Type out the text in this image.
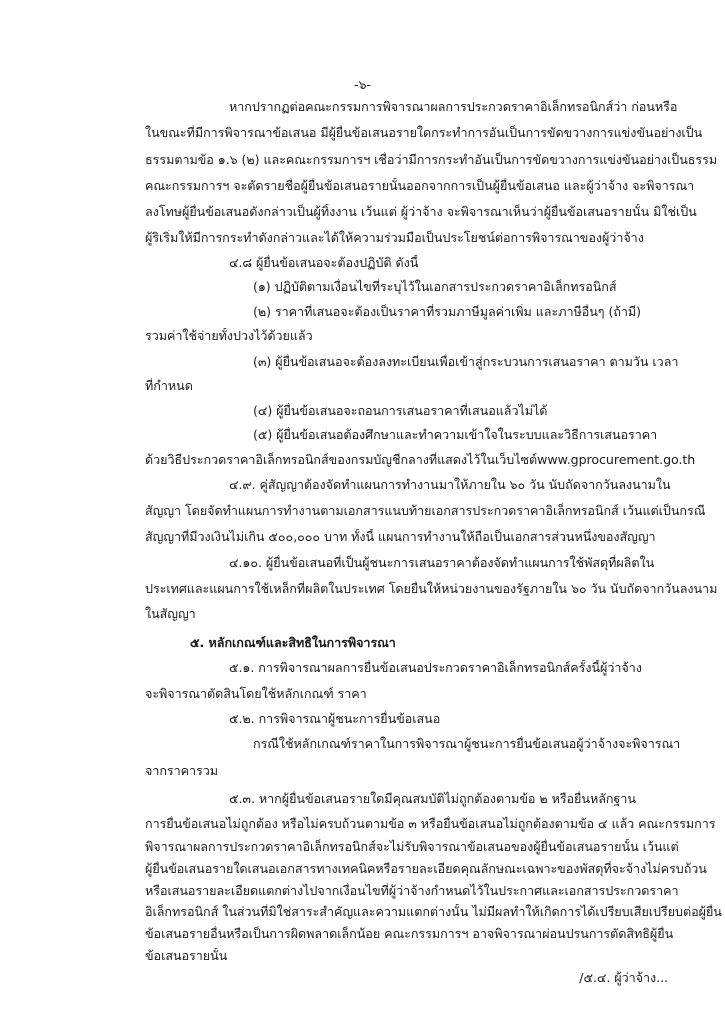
-๖-
หากปรากฏต่อคณะกรรมการพิจารณาผลการประกวดราคาอิเล็กทรอนิกส์ว่า ก่อนหรือ
ในขณะที่มีการพิจารณาข้อเสนอ มีผู้ยื่นข้อเสนอรายใดกระทำการอันเป็นการขัดขวางการแข่งขันอย่างเป็น
ธรรมตามข้อ ๑.๖ (๒) และคณะกรรมการฯ เชื่อว่ามีการกระทำอันเป็นการขัดขวางการแข่งขันอย่างเป็นธรรม
คณะกรรมการฯ จะตัดรายชื่อผู้ยื่นข้อเสนอรายนั้นออกจากการเป็นผู้ยื่นข้อเสนอ และผู้ว่าจ้าง จะพิจารณา
ลงโทษผู้ยื่นข้อเสนอดังกล่าวเป็นผู้ทิ้งงาน เว้นแต่ ผู้ว่าจ้าง จะพิจารณาเห็นว่าผู้ยื่นข้อเสนอรายนั้น มิใช่เป็น
ผู้ริเริ่มให้มีการกระทำดังกล่าวและได้ให้ความร่วมมือเป็นประโยชน์ต่อการพิจารณาของผู้ว่าจ้าง
๔.๘ ผู้ยื่นข้อเสนอจะต้องปฏิบัติ ดังนี้
(๑) ปฏิบัติตามเงื่อนไขที่ระบุไว้ในเอกสารประกวดราคาอิเล็กทรอนิกส์
(๒) ราคาที่เสนอจะต้องเป็นราคาที่รวมภาษีมูลค่าเพิ่ม และภาษีอื่นๆ (ถ้ามี)
รวมค่าใช้จ่ายทั้งปวงไว้ด้วยแล้ว
(๓) ผู้ยื่นข้อเสนอจะต้องลงทะเบียนเพื่อเข้าสู่กระบวนการเสนอราคา ตามวัน เวลา
ที่กำหนด
(๔) ผู้ยื่นข้อเสนอจะถอนการเสนอราคาที่เสนอแล้วไม่ได้
(๕) ผู้ยื่นข้อเสนอต้องศึกษาและทำความเข้าใจในระบบและวิธีการเสนอราคา
ด้วยวิธีประกวดราคาอิเล็กทรอนิกส์ของกรมบัญชีกลางที่แสดงไว้ในเว็บไซต์www.gprocurement.go.th
๔.๙. คู่สัญญาต้องจัดทำแผนการทำงานมาให้ภายใน ๖๐ วัน นับถัดจากวันลงนามใน
สัญญา โดยจัดทำแผนการทำงานตามเอกสารแนบท้ายเอกสารประกวดราคาอิเล็กทรอนิกส์ เว้นแต่เป็นกรณี
สัญญาที่มีวงเงินไม่เกิน ๕๐๐,๐๐๐ บาท ทั้งนี้ แผนการทำงานให้ถือเป็นเอกสารส่วนหนึ่งของสัญญา
๔.๑๐. ผู้ยื่นข้อเสนอที่เป็นผู้ชนะการเสนอราคาต้องจัดทำแผนการใช้พัสดุที่ผลิตใน
ประเทศและแผนการใช้เหล็กที่ผลิตในประเทศ โดยยื่นให้หน่วยงานของรัฐภายใน ๖๐ วัน นับถัดจากวันลงนาม
ในสัญญา
๕. หลักเกณฑ์และสิทธิในการพิจารณา
๕.๑. การพิจารณาผลการยื่นข้อเสนอประกวดราคาอิเล็กทรอนิกส์ครั้งนี้ผู้ว่าจ้าง
จะพิจารณาตัดสินโดยใช้หลักเกณฑ์ ราคา
๕.๒. การพิจารณาผู้ชนะการยื่นข้อเสนอ
กรณีใช้หลักเกณฑ์ราคาในการพิจารณาผู้ชนะการยื่นข้อเสนอผู้ว่าจ้างจะพิจารณา
จากราคารวม
๕.๓. หากผู้ยื่นข้อเสนอรายใดมีคุณสมบัติไม่ถูกต้องตามข้อ ๒ หรือยื่นหลักฐาน
การยื่นข้อเสนอไม่ถูกต้อง หรือไม่ครบถ้วนตามข้อ ๓ หรือยื่นข้อเสนอไม่ถูกต้องตามข้อ ๔ แล้ว คณะกรรมการ
พิจารณาผลการประกวดราคาอิเล็กทรอนิกส์จะไม่รับพิจารณาข้อเสนอของผู้ยื่นข้อเสนอรายนั้น เว้นแต่
ผู้ยื่นข้อเสนอรายใดเสนอเอกสารทางเทคนิคหรือรายละเอียดคุณลักษณะเฉพาะของพัสดุที่จะจ้างไม่ครบถ้วน
หรือเสนอรายละเอียดแตกต่างไปจากเงื่อนไขที่ผู้ว่าจ้างกำหนดไว้ในประกาศและเอกสารประกวดราคา
อิเล็กทรอนิกส์ ในส่วนที่มิใช่สาระสำคัญและความแตกต่างนั้น ไม่มีผลทำให้เกิดการได้เปรียบเสียเปรียบต่อผู้ยื่น
ข้อเสนอรายอื่นหรือเป็นการผิดพลาดเล็กน้อย คณะกรรมการฯ อาจพิจารณาผ่อนปรนการตัดสิทธิผู้ยื่น
ข้อเสนอรายนั้น
/๕.๔. ผู้ว่าจ้าง...
